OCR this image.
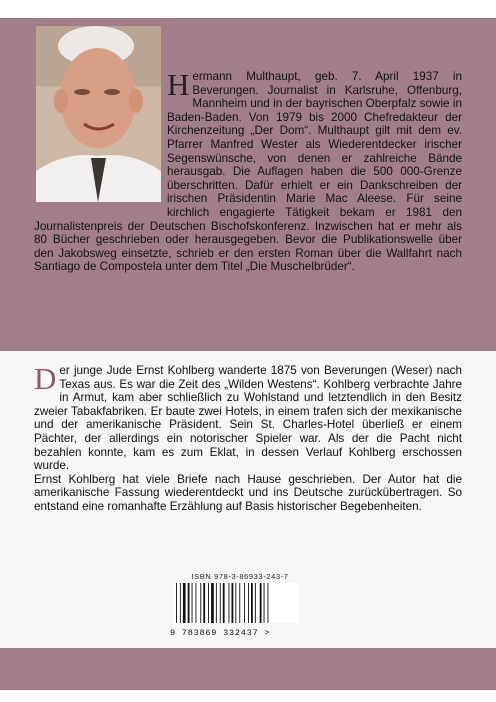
H ermann Multhaupt, geb. 7. April 1937 in Beverungen. Journalist in Karlsruhe, Offenburg, Mannheim und in der bayrischen Oberpfalz sowie in Baden-Baden. Von 1979 bis 2000 Chefredakteur der Kirchenzeitung „Der Dom“. Multhaupt gilt mit dem ev. Pfarrer Manfred Wester als Wiederentdecker irischer Segenswünsche, von denen er zahlreiche Bände herausgab. Die Auflagen haben die 500 000-Grenze überschritten. Dafür erhielt er ein Dankschreiben der irischen Präsidentin Marie Mac Aleese. Für seine kirchlich engagierte Tätigkeit bekam er 1981 den Journalistenpreis der Deutschen Bischofskonferenz. Inzwischen hat er mehr als 80 Bücher geschrieben oder herausgegeben. Bevor die Publikationswelle über den Jakobsweg einsetzte, schrieb er den ersten Roman über die Wallfahrt nach Santiago de Compostela unter dem Titel „Die Muschelbrüder“.

D er junge Jude Ernst Kohlberg wanderte 1875 von Beverungen (Weser) nach Texas aus. Es war die Zeit des „Wilden Westens“. Kohlberg verbrachte Jahre in Armut, kam aber schließlich zu Wohlstand und letztendlich in den Besitz zweier Tabakfabriken. Er baute zwei Hotels, in einem trafen sich der mexikanische und der amerikanische Präsident. Sein St. Charles-Hotel überließ er einem Pächter, der allerdings ein notorischer Spieler war. Als der die Pacht nicht bezahlen konnte, kam es zum Eklat, in dessen Verlauf Kohlberg erschossen wurde.

Ernst Kohlberg hat viele Briefe nach Hause geschrieben. Der Autor hat die amerikanische Fassung wiederentdeckt und ins Deutsche zurückübertragen. So entstand eine romanhafte Erzählung auf Basis historischer Begebenheiten.

ISBN 978-3-86933-243-7
9 783869 332437 >
